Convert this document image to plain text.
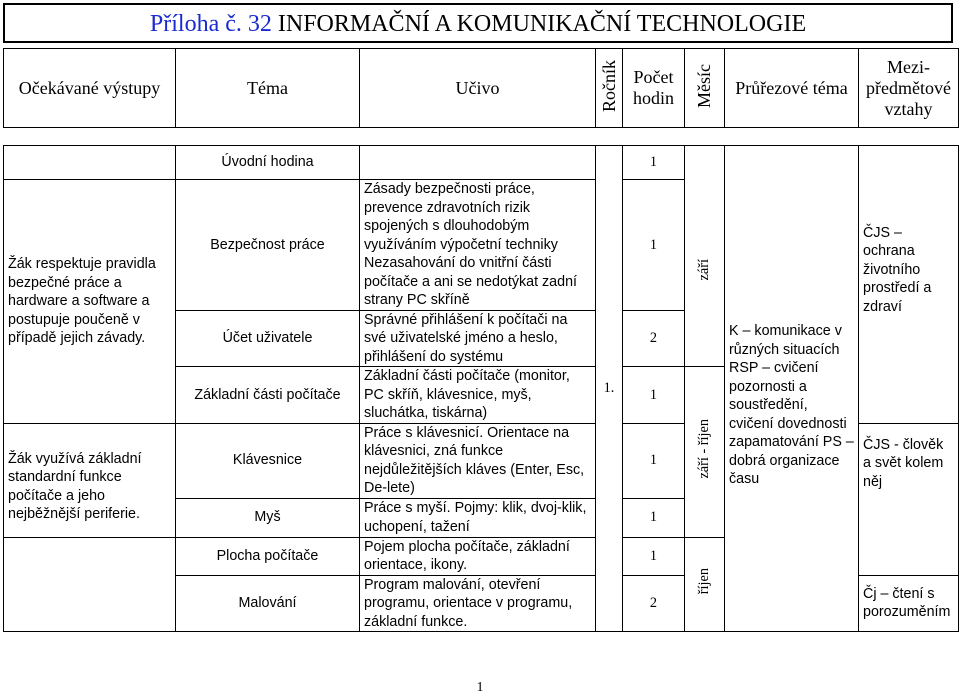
Příloha č. 32 INFORMAČNÍ A KOMUNIKAČNÍ TECHNOLOGIE
Očekávané výstupy	Téma	Učivo	Ročník	Počet hodin	Měsíc	Průřezové téma	Mezi-předmětové vztahy
	Úvodní hodina		1.	1			
Žák respektuje pravidla bezpečné práce a hardware a software a postupuje poučeně v případě jejich závady.	Bezpečnost práce	Zásady bezpečnosti práce, prevence zdravotních rizik spojených s dlouhodobým využíváním výpočetní techniky Nezasahování do vnitřní části počítače a ani se nedotýkat zadní strany PC skříně		1	září	K – komunikace v různých situacích RSP – cvičení pozornosti a soustředění, cvičení dovednosti zapamatování PS – dobrá organizace času	ČJS – ochrana životního prostředí a zdraví
	Účet uživatele	Správné přihlášení k počítači na své uživatelské jméno a heslo, přihlášení do systému		2			
	Základní části počítače	Základní části počítače (monitor, PC skříň, klávesnice, myš, sluchátka, tiskárna)		1	září - říjen		
Žák využívá základní standardní funkce počítače a jeho nejběžnější periferie.	Klávesnice	Práce s klávesnicí. Orientace na klávesnici, zná funkce nejdůležitějších kláves (Enter, Esc, De-lete)		1			ČJS - člověk a svět kolem něj
	Myš	Práce s myší. Pojmy: klik, dvoj-klik, uchopení, tažení		1			
	Plocha počítače	Pojem plocha počítače, základní orientace, ikony.		1	říjen		
	Malování	Program malování, otevření programu, orientace v programu, základní funkce.		2			Čj – čtení s porozuměním
1
